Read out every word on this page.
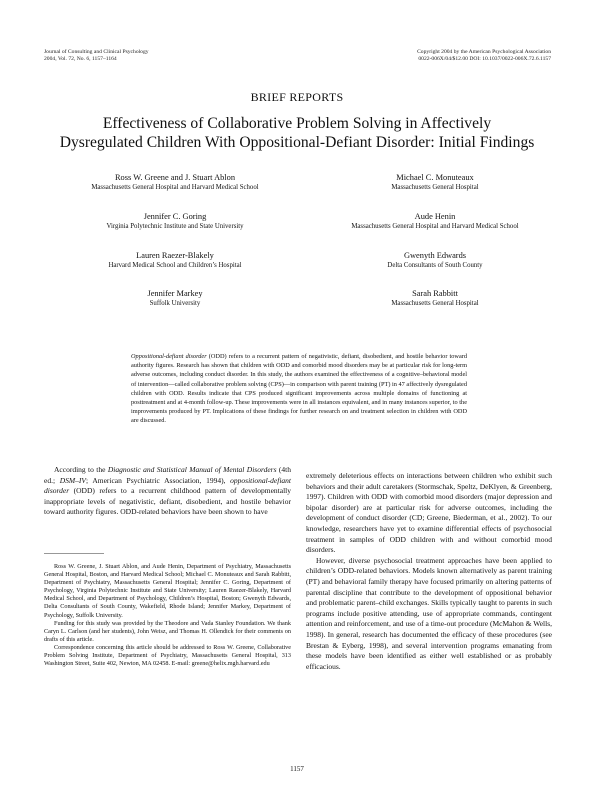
Journal of Consulting and Clinical Psychology
2004, Vol. 72, No. 6, 1157–1164
Copyright 2004 by the American Psychological Association
0022-006X/04/$12.00 DOI: 10.1037/0022-006X.72.6.1157
BRIEF REPORTS
Effectiveness of Collaborative Problem Solving in Affectively
Dysregulated Children With Oppositional-Defiant Disorder: Initial Findings
Ross W. Greene and J. Stuart Ablon
Massachusetts General Hospital and Harvard Medical School
Michael C. Monuteaux
Massachusetts General Hospital
Jennifer C. Goring
Virginia Polytechnic Institute and State University
Aude Henin
Massachusetts General Hospital and Harvard Medical School
Lauren Raezer-Blakely
Harvard Medical School and Children’s Hospital
Gwenyth Edwards
Delta Consultants of South County
Jennifer Markey
Suffolk University
Sarah Rabbitt
Massachusetts General Hospital
Oppositional-defiant disorder (ODD) refers to a recurrent pattern of negativistic, defiant, disobedient, and hostile behavior toward authority figures. Research has shown that children with ODD and comorbid mood disorders may be at particular risk for long-term adverse outcomes, including conduct disorder. In this study, the authors examined the effectiveness of a cognitive–behavioral model of intervention—called collaborative problem solving (CPS)—in comparison with parent training (PT) in 47 affectively dysregulated children with ODD. Results indicate that CPS produced significant improvements across multiple domains of functioning at posttreatment and at 4-month follow-up. These improvements were in all instances equivalent, and in many instances superior, to the improvements produced by PT. Implications of these findings for further research on and treatment selection in children with ODD are discussed.

According to the Diagnostic and Statistical Manual of Mental Disorders (4th ed.; DSM–IV; American Psychiatric Association, 1994), oppositional-defiant disorder (ODD) refers to a recurrent childhood pattern of developmentally inappropriate levels of negativistic, defiant, disobedient, and hostile behavior toward authority figures. ODD-related behaviors have been shown to have

Ross W. Greene, J. Stuart Ablon, and Aude Henin, Department of Psychiatry, Massachusetts General Hospital, Boston, and Harvard Medical School; Michael C. Monuteaux and Sarah Rabbitt, Department of Psychiatry, Massachusetts General Hospital; Jennifer C. Goring, Department of Psychology, Virginia Polytechnic Institute and State University; Lauren Raezer-Blakely, Harvard Medical School, and Department of Psychology, Children’s Hospital, Boston; Gwenyth Edwards, Delta Consultants of South County, Wakefield, Rhode Island; Jennifer Markey, Department of Psychology, Suffolk University.

Funding for this study was provided by the Theodore and Vada Stanley Foundation. We thank Caryn L. Carlson (and her students), John Weisz, and Thomas H. Ollendick for their comments on drafts of this article.

Correspondence concerning this article should be addressed to Ross W. Greene, Collaborative Problem Solving Institute, Department of Psychiatry, Massachusetts General Hospital, 313 Washington Street, Suite 402, Newton, MA 02458. E-mail: greene@helix.mgh.harvard.edu

extremely deleterious effects on interactions between children who exhibit such behaviors and their adult caretakers (Stormschak, Speltz, DeKlyen, & Greenberg, 1997). Children with ODD with comorbid mood disorders (major depression and bipolar disorder) are at particular risk for adverse outcomes, including the development of conduct disorder (CD; Greene, Biederman, et al., 2002). To our knowledge, researchers have yet to examine differential effects of psychosocial treatment in samples of ODD children with and without comorbid mood disorders.

However, diverse psychosocial treatment approaches have been applied to children’s ODD-related behaviors. Models known alternatively as parent training (PT) and behavioral family therapy have focused primarily on altering patterns of parental discipline that contribute to the development of oppositional behavior and problematic parent–child exchanges. Skills typically taught to parents in such programs include positive attending, use of appropriate commands, contingent attention and reinforcement, and use of a time-out procedure (McMahon & Wells, 1998). In general, research has documented the efficacy of these procedures (see Brestan & Eyberg, 1998), and several intervention programs emanating from these models have been identified as either well established or as probably efficacious.

1157
